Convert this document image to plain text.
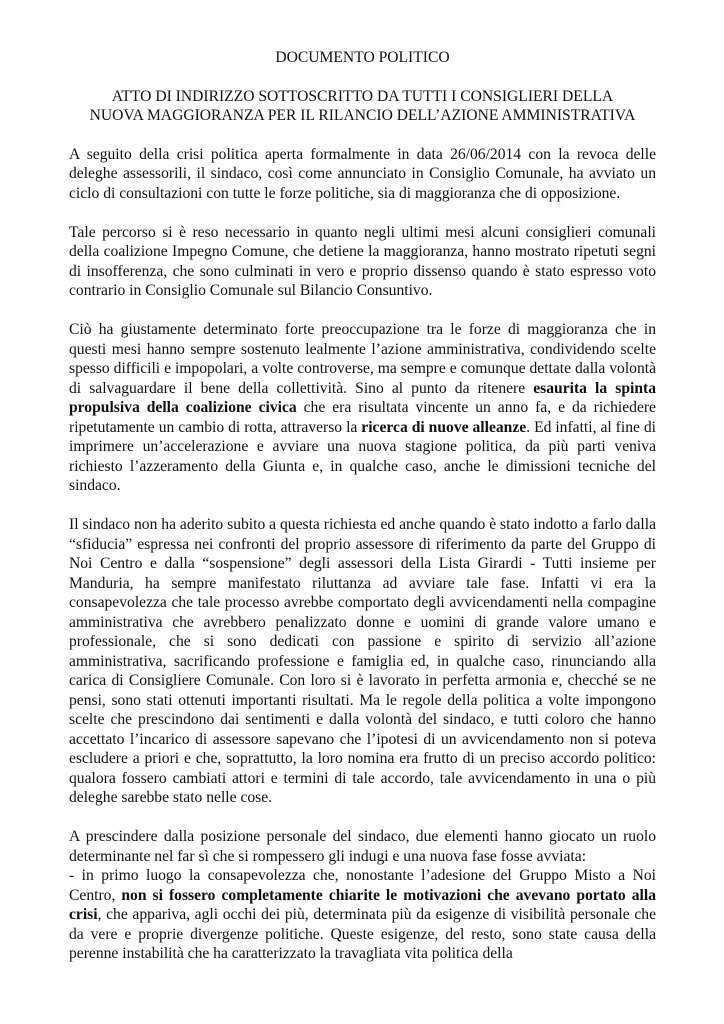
DOCUMENTO POLITICO
ATTO DI INDIRIZZO SOTTOSCRITTO DA TUTTI I CONSIGLIERI DELLA
NUOVA MAGGIORANZA PER IL RILANCIO DELL’AZIONE AMMINISTRATIVA

A seguito della crisi politica aperta formalmente in data 26/06/2014 con la revoca delle deleghe assessorili, il sindaco, così come annunciato in Consiglio Comunale, ha avviato un ciclo di consultazioni con tutte le forze politiche, sia di maggioranza che di opposizione.

Tale percorso si è reso necessario in quanto negli ultimi mesi alcuni consiglieri comunali della coalizione Impegno Comune, che detiene la maggioranza, hanno mostrato ripetuti segni di insofferenza, che sono culminati in vero e proprio dissenso quando è stato espresso voto contrario in Consiglio Comunale sul Bilancio Consuntivo.

Ciò ha giustamente determinato forte preoccupazione tra le forze di maggioranza che in questi mesi hanno sempre sostenuto lealmente l’azione amministrativa, condividendo scelte spesso difficili e impopolari, a volte controverse, ma sempre e comunque dettate dalla volontà di salvaguardare il bene della collettività. Sino al punto da ritenere esaurita la spinta propulsiva della coalizione civica che era risultata vincente un anno fa, e da richiedere ripetutamente un cambio di rotta, attraverso la ricerca di nuove alleanze. Ed infatti, al fine di imprimere un’accelerazione e avviare una nuova stagione politica, da più parti veniva richiesto l’azzeramento della Giunta e, in qualche caso, anche le dimissioni tecniche del sindaco.

Il sindaco non ha aderito subito a questa richiesta ed anche quando è stato indotto a farlo dalla “sfiducia” espressa nei confronti del proprio assessore di riferimento da parte del Gruppo di Noi Centro e dalla “sospensione” degli assessori della Lista Girardi - Tutti insieme per Manduria, ha sempre manifestato riluttanza ad avviare tale fase. Infatti vi era la consapevolezza che tale processo avrebbe comportato degli avvicendamenti nella compagine amministrativa che avrebbero penalizzato donne e uomini di grande valore umano e professionale, che si sono dedicati con passione e spirito di servizio all’azione amministrativa, sacrificando professione e famiglia ed, in qualche caso, rinunciando alla carica di Consigliere Comunale. Con loro si è lavorato in perfetta armonia e, checché se ne pensi, sono stati ottenuti importanti risultati. Ma le regole della politica a volte impongono scelte che prescindono dai sentimenti e dalla volontà del sindaco, e tutti coloro che hanno accettato l’incarico di assessore sapevano che l’ipotesi di un avvicendamento non si poteva escludere a priori e che, soprattutto, la loro nomina era frutto di un preciso accordo politico: qualora fossero cambiati attori e termini di tale accordo, tale avvicendamento in una o più deleghe sarebbe stato nelle cose.

A prescindere dalla posizione personale del sindaco, due elementi hanno giocato un ruolo determinante nel far sì che si rompessero gli indugi e una nuova fase fosse avviata:
- in primo luogo la consapevolezza che, nonostante l’adesione del Gruppo Misto a Noi Centro, non si fossero completamente chiarite le motivazioni che avevano portato alla crisi, che appariva, agli occhi dei più, determinata più da esigenze di visibilità personale che da vere e proprie divergenze politiche. Queste esigenze, del resto, sono state causa della perenne instabilità che ha caratterizzato la travagliata vita politica della
